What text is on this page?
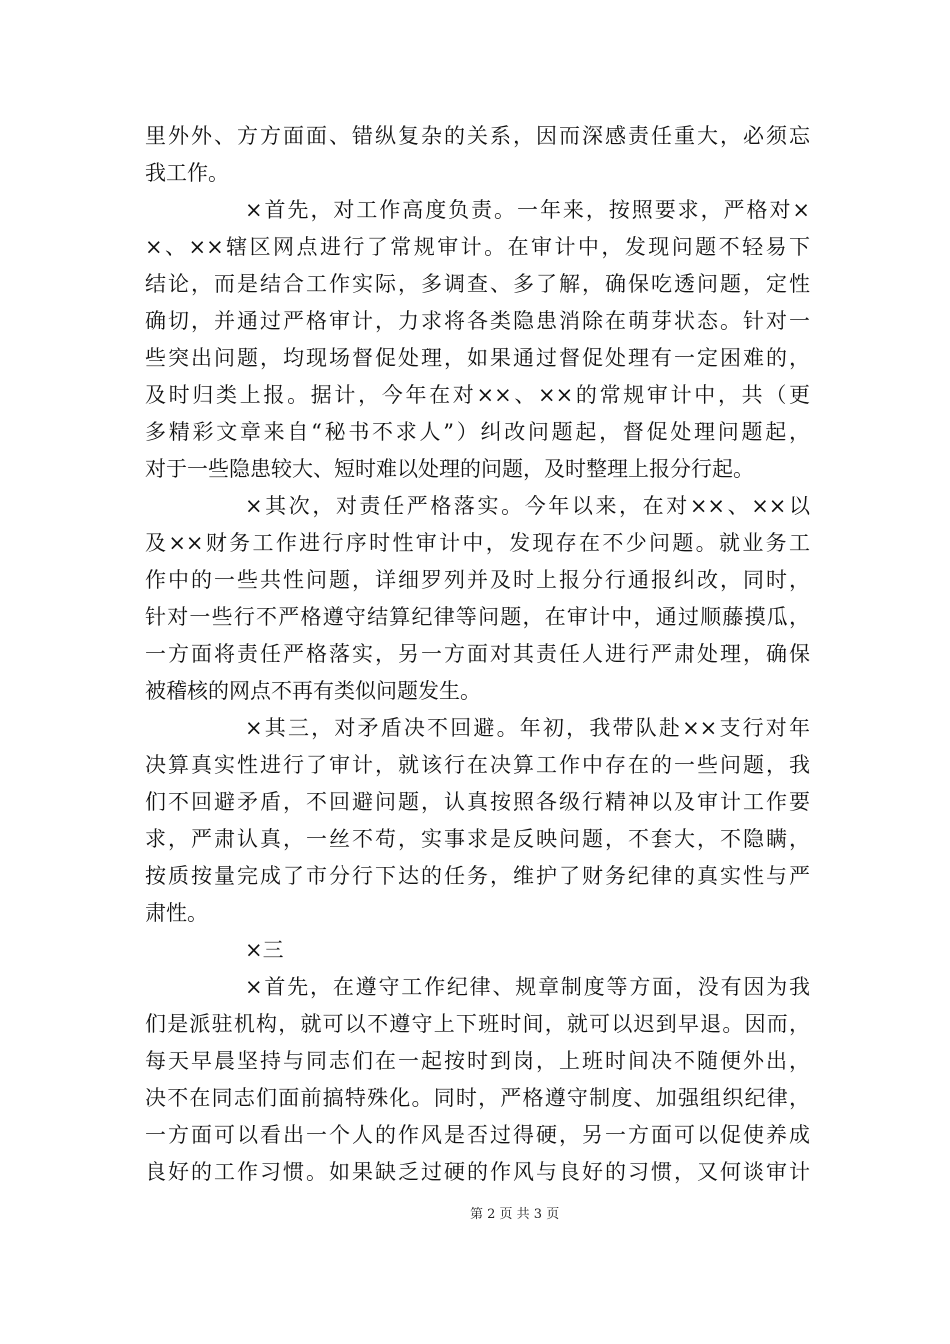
里外外、方方面面、错纵复杂的关系，因而深感责任重大，必须忘
我工作。
×首先，对工作高度负责。一年来，按照要求，严格对×
×、××辖区网点进行了常规审计。在审计中，发现问题不轻易下
结论，而是结合工作实际，多调查、多了解，确保吃透问题，定性
确切，并通过严格审计，力求将各类隐患消除在萌芽状态。针对一
些突出问题，均现场督促处理，如果通过督促处理有一定困难的，
及时归类上报。据计，今年在对××、××的常规审计中，共（更
多精彩文章来自“秘书不求人”）纠改问题起，督促处理问题起，
对于一些隐患较大、短时难以处理的问题，及时整理上报分行起。
×其次，对责任严格落实。今年以来，在对××、××以
及××财务工作进行序时性审计中，发现存在不少问题。就业务工
作中的一些共性问题，详细罗列并及时上报分行通报纠改，同时，
针对一些行不严格遵守结算纪律等问题，在审计中，通过顺藤摸瓜，
一方面将责任严格落实，另一方面对其责任人进行严肃处理，确保
被稽核的网点不再有类似问题发生。
×其三，对矛盾决不回避。年初，我带队赴××支行对年
决算真实性进行了审计，就该行在决算工作中存在的一些问题，我
们不回避矛盾，不回避问题，认真按照各级行精神以及审计工作要
求，严肃认真，一丝不苟，实事求是反映问题，不套大，不隐瞒，
按质按量完成了市分行下达的任务，维护了财务纪律的真实性与严
肃性。
×三
×首先，在遵守工作纪律、规章制度等方面，没有因为我
们是派驻机构，就可以不遵守上下班时间，就可以迟到早退。因而，
每天早晨坚持与同志们在一起按时到岗，上班时间决不随便外出，
决不在同志们面前搞特殊化。同时，严格遵守制度、加强组织纪律，
一方面可以看出一个人的作风是否过得硬，另一方面可以促使养成
良好的工作习惯。如果缺乏过硬的作风与良好的习惯，又何谈审计
第 2 页 共 3 页
